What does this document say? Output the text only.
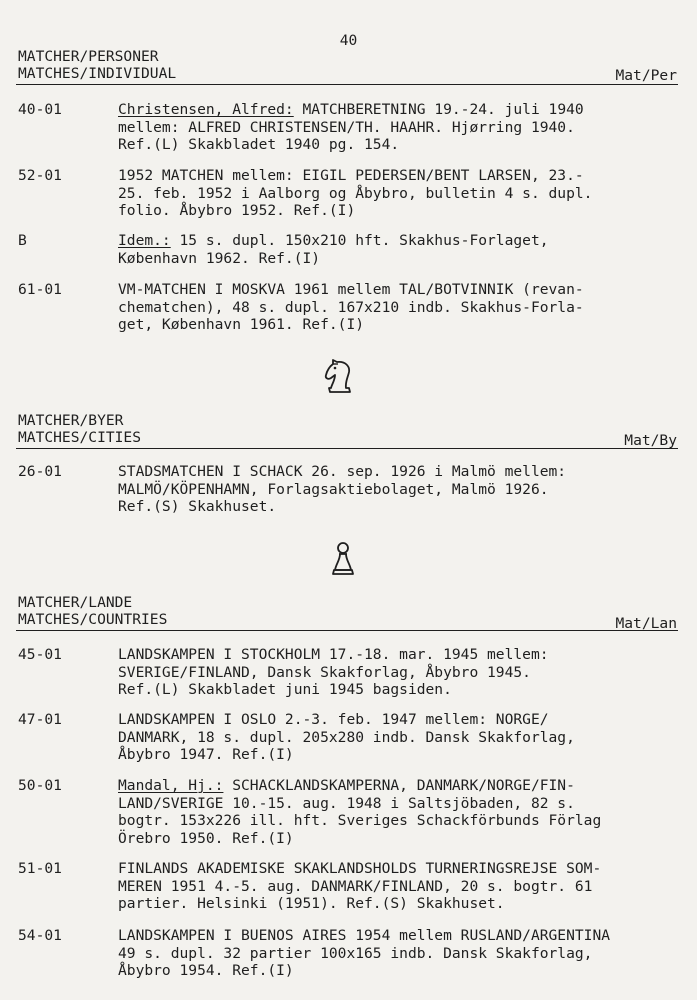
40
MATCHER/PERSONER
MATCHES/INDIVIDUAL	Mat/Per
40-01	Christensen, Alfred: MATCHBERETNING 19.-24. juli 1940
mellem: ALFRED CHRISTENSEN/TH. HAAHR. Hjørring 1940.
Ref.(L) Skakbladet 1940 pg. 154.
52-01	1952 MATCHEN mellem: EIGIL PEDERSEN/BENT LARSEN, 23.-
25. feb. 1952 i Aalborg og Åbybro, bulletin 4 s. dupl.
folio. Åbybro 1952. Ref.(I)
B	Idem.: 15 s. dupl. 150x210 hft. Skakhus-Forlaget,
København 1962. Ref.(I)
61-01	VM-MATCHEN I MOSKVA 1961 mellem TAL/BOTVINNIK (revan-
chematchen), 48 s. dupl. 167x210 indb. Skakhus-Forla-
get, København 1961. Ref.(I)
MATCHER/BYER
MATCHES/CITIES	Mat/By
26-01	STADSMATCHEN I SCHACK 26. sep. 1926 i Malmö mellem:
MALMÖ/KÖPENHAMN, Forlagsaktiebolaget, Malmö 1926.
Ref.(S) Skakhuset.
MATCHER/LANDE
MATCHES/COUNTRIES	Mat/Lan
45-01	LANDSKAMPEN I STOCKHOLM 17.-18. mar. 1945 mellem:
SVERIGE/FINLAND, Dansk Skakforlag, Åbybro 1945.
Ref.(L) Skakbladet juni 1945 bagsiden.
47-01	LANDSKAMPEN I OSLO 2.-3. feb. 1947 mellem: NORGE/
DANMARK, 18 s. dupl. 205x280 indb. Dansk Skakforlag,
Åbybro 1947. Ref.(I)
50-01	Mandal, Hj.: SCHACKLANDSKAMPERNA, DANMARK/NORGE/FIN-
LAND/SVERIGE 10.-15. aug. 1948 i Saltsjöbaden, 82 s.
bogtr. 153x226 ill. hft. Sveriges Schackförbunds Förlag
Örebro 1950. Ref.(I)
51-01	FINLANDS AKADEMISKE SKAKLANDSHOLDS TURNERINGSREJSE SOM-
MEREN 1951 4.-5. aug. DANMARK/FINLAND, 20 s. bogtr. 61
partier. Helsinki (1951). Ref.(S) Skakhuset.
54-01	LANDSKAMPEN I BUENOS AIRES 1954 mellem RUSLAND/ARGENTINA
49 s. dupl. 32 partier 100x165 indb. Dansk Skakforlag,
Åbybro 1954. Ref.(I)
